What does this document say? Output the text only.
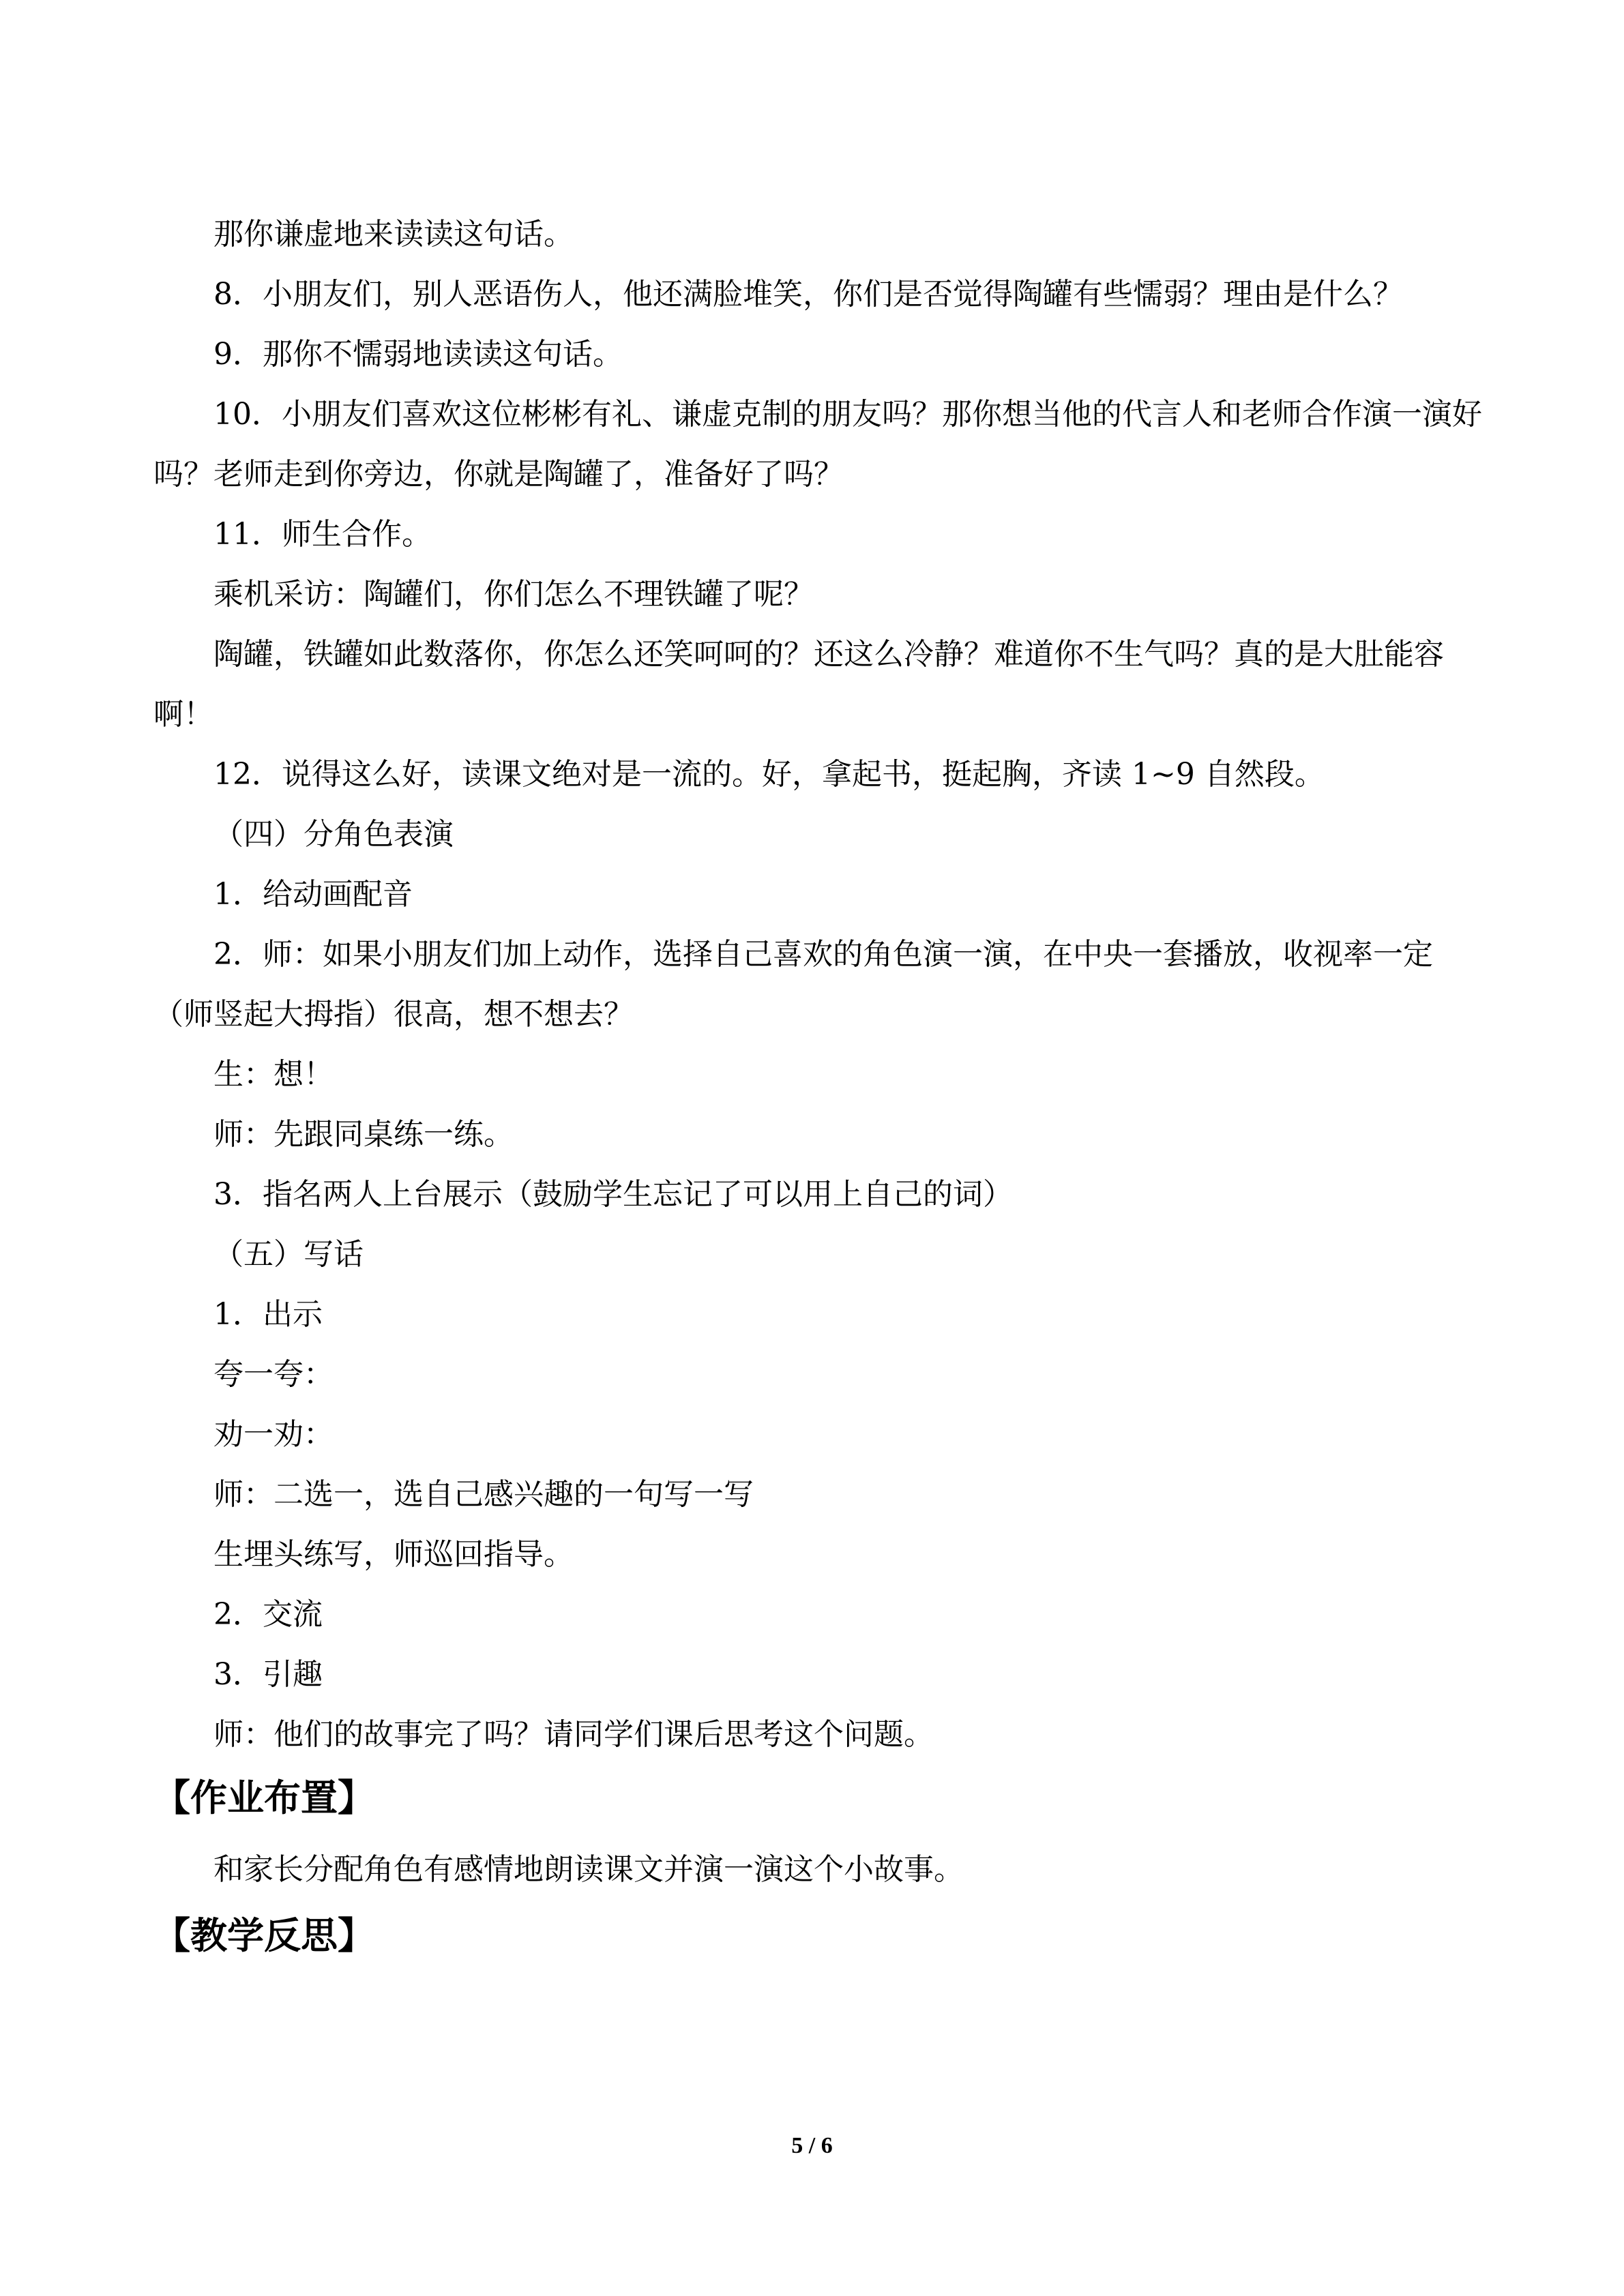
那你谦虚地来读读这句话。

8．小朋友们，别人恶语伤人，他还满脸堆笑，你们是否觉得陶罐有些懦弱？理由是什么？

9．那你不懦弱地读读这句话。

10．小朋友们喜欢这位彬彬有礼、谦虚克制的朋友吗？那你想当他的代言人和老师合作演一演好吗？老师走到你旁边，你就是陶罐了，准备好了吗？

11．师生合作。

乘机采访：陶罐们，你们怎么不理铁罐了呢？

陶罐，铁罐如此数落你，你怎么还笑呵呵的？还这么冷静？难道你不生气吗？真的是大肚能容啊！

12．说得这么好，读课文绝对是一流的。好，拿起书，挺起胸，齐读 1~9 自然段。

（四）分角色表演

1．给动画配音

2．师：如果小朋友们加上动作，选择自己喜欢的角色演一演，在中央一套播放，收视率一定（师竖起大拇指）很高，想不想去？

生：想！

师：先跟同桌练一练。

3．指名两人上台展示（鼓励学生忘记了可以用上自己的词）

（五）写话

1．出示

夸一夸：

劝一劝：

师：二选一，选自己感兴趣的一句写一写

生埋头练写，师巡回指导。

2．交流

3．引趣

师：他们的故事完了吗？请同学们课后思考这个问题。

【作业布置】

和家长分配角色有感情地朗读课文并演一演这个小故事。

【教学反思】
5 / 6
